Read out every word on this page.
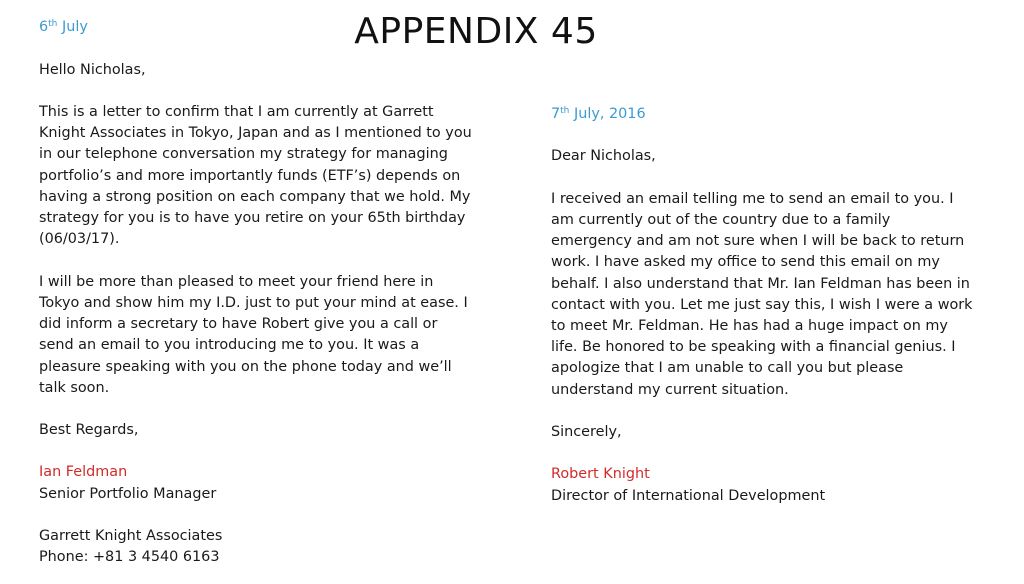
APPENDIX 45

6th July

Hello Nicholas,

This is a letter to confirm that I am currently at Garrett

Knight Associates in Tokyo, Japan and as I mentioned to you

in our telephone conversation my strategy for managing

portfolio’s and more importantly funds (ETF’s) depends on

having a strong position on each company that we hold. My

strategy for you is to have you retire on your 65th birthday

(06/03/17).

I will be more than pleased to meet your friend here in

Tokyo and show him my I.D. just to put your mind at ease. I

did inform a secretary to have Robert give you a call or

send an email to you introducing me to you. It was a

pleasure speaking with you on the phone today and we’ll

talk soon.

Best Regards,

Ian Feldman

Senior Portfolio Manager

Garrett Knight Associates

Phone: +81 3 4540 6163

7th July, 2016

Dear Nicholas,

I received an email telling me to send an email to you. I

am currently out of the country due to a family

emergency and am not sure when I will be back to return

work. I have asked my office to send this email on my

behalf. I also understand that Mr. Ian Feldman has been in

contact with you. Let me just say this, I wish I were a work

to meet Mr. Feldman. He has had a huge impact on my

life. Be honored to be speaking with a financial genius. I

apologize that I am unable to call you but please

understand my current situation.

Sincerely,

Robert Knight

Director of International Development
